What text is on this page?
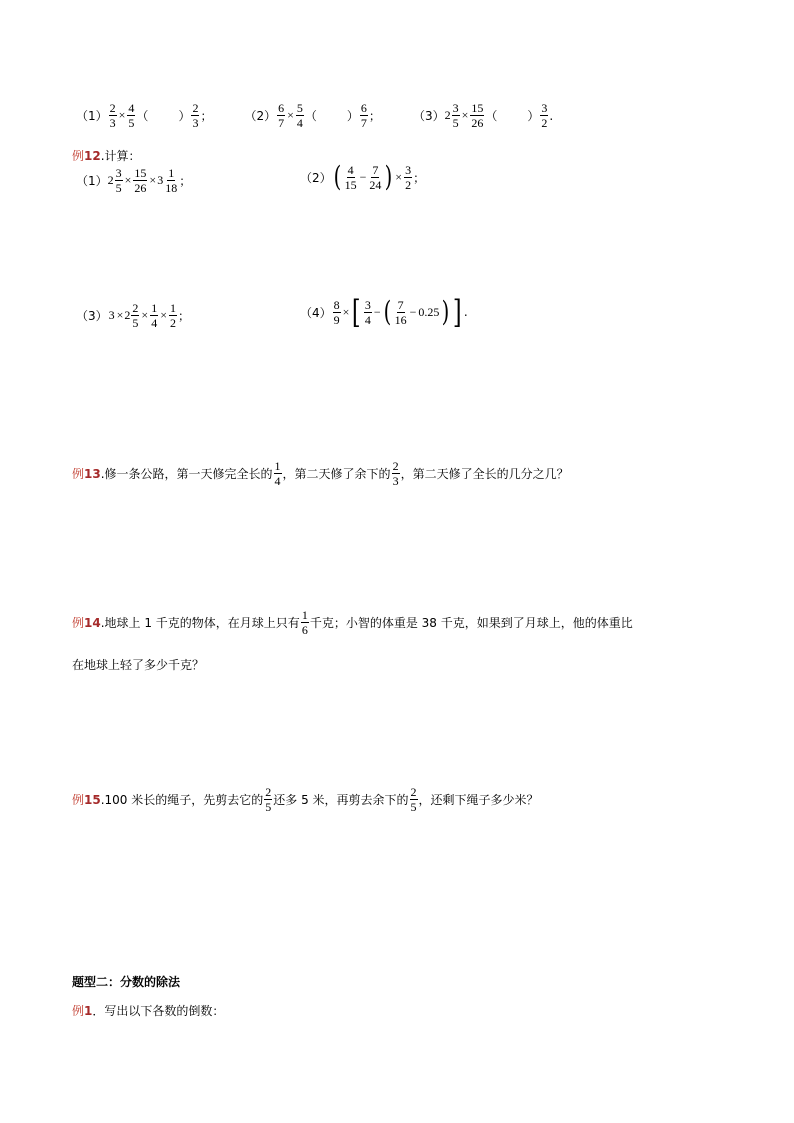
$(1) \frac{2}{3} \times \frac{4}{5}$ （	） $\frac{2}{3}$ ；	$(2) \frac{6}{7} \times \frac{5}{4}$ （	） $\frac{6}{7}$ ；	（3） $2 \frac{3}{5} \times \frac{15}{26}$ （	） $\frac{3}{2}$ .
例12.计算：
（1） $2 \frac{3}{5} \times \frac{15}{26} \times 3 \frac{1}{18}$ ；	（2） ( $\frac{4}{15} - \frac{7}{24}$ ) × $\frac{3}{2}$ ；
（3） $3 \times 2 \frac{2}{5} \times \frac{1}{4} \times \frac{1}{2}$ ；	$(4) \frac{8}{9}$ × [ $\frac{3}{4}$ − ( $\frac{7}{16} - 0.25$ ) ] .
例 13 .修一条公路，第一天修完全长的 $\frac{1}{4}$ ，第二天修了余下的 $\frac{2}{3}$ ，第二天修了全长的几分之几？
例 14 .地球上 1 千克的物体，在月球上只有 $\frac{1}{6}$ 千克；小智的体重是 38 千克，如果到了月球上，他的体重比
在地球上轻了多少千克？
例 15 .100 米长的绳子，先剪去它的 $\frac{2}{5}$ 还多 5 米，再剪去余下的 $\frac{2}{5}$ ，还剩下绳子多少米？
题型二：分数的除法
例1．写出以下各数的倒数：
